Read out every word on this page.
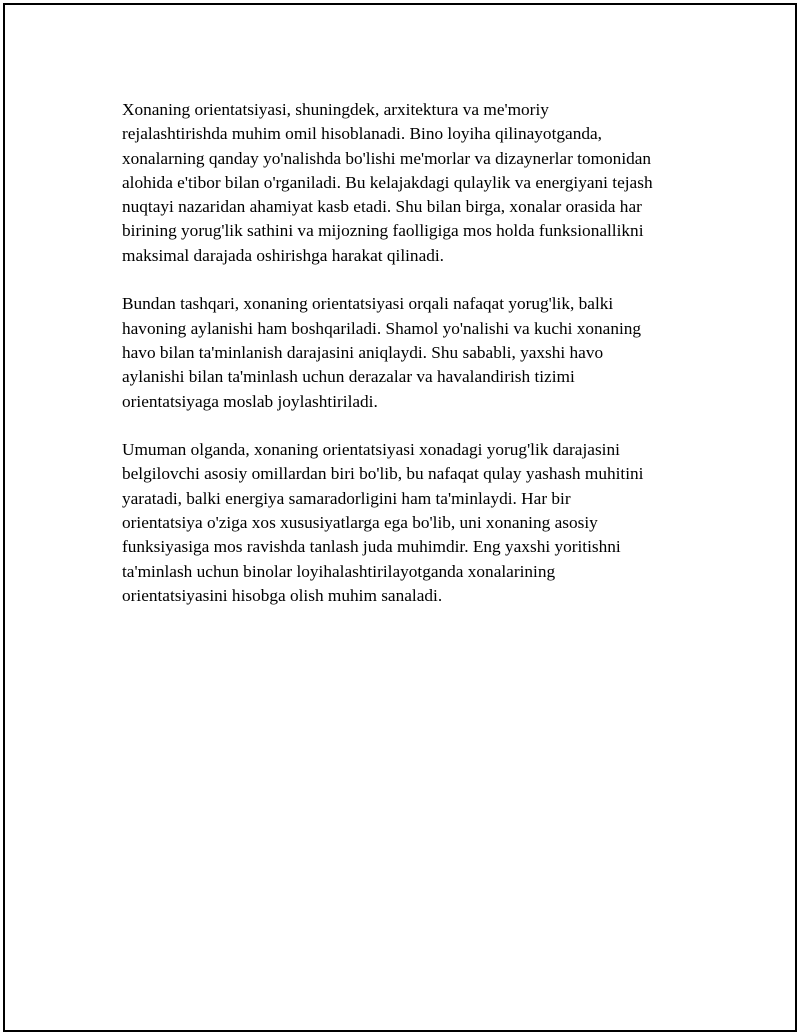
Xonaning orientatsiyasi, shuningdek, arxitektura va me'moriy
rejalashtirishda muhim omil hisoblanadi. Bino loyiha qilinayotganda,
xonalarning qanday yo'nalishda bo'lishi me'morlar va dizaynerlar tomonidan
alohida e'tibor bilan o'rganiladi. Bu kelajakdagi qulaylik va energiyani tejash
nuqtayi nazaridan ahamiyat kasb etadi. Shu bilan birga, xonalar orasida har
birining yorug'lik sathini va mijozning faolligiga mos holda funksionallikni
maksimal darajada oshirishga harakat qilinadi.

Bundan tashqari, xonaning orientatsiyasi orqali nafaqat yorug'lik, balki
havoning aylanishi ham boshqariladi. Shamol yo'nalishi va kuchi xonaning
havo bilan ta'minlanish darajasini aniqlaydi. Shu sababli, yaxshi havo
aylanishi bilan ta'minlash uchun derazalar va havalandirish tizimi
orientatsiyaga moslab joylashtiriladi.

Umuman olganda, xonaning orientatsiyasi xonadagi yorug'lik darajasini
belgilovchi asosiy omillardan biri bo'lib, bu nafaqat qulay yashash muhitini
yaratadi, balki energiya samaradorligini ham ta'minlaydi. Har bir
orientatsiya o'ziga xos xususiyatlarga ega bo'lib, uni xonaning asosiy
funksiyasiga mos ravishda tanlash juda muhimdir. Eng yaxshi yoritishni
ta'minlash uchun binolar loyihalashtirilayotganda xonalarining
orientatsiyasini hisobga olish muhim sanaladi.
